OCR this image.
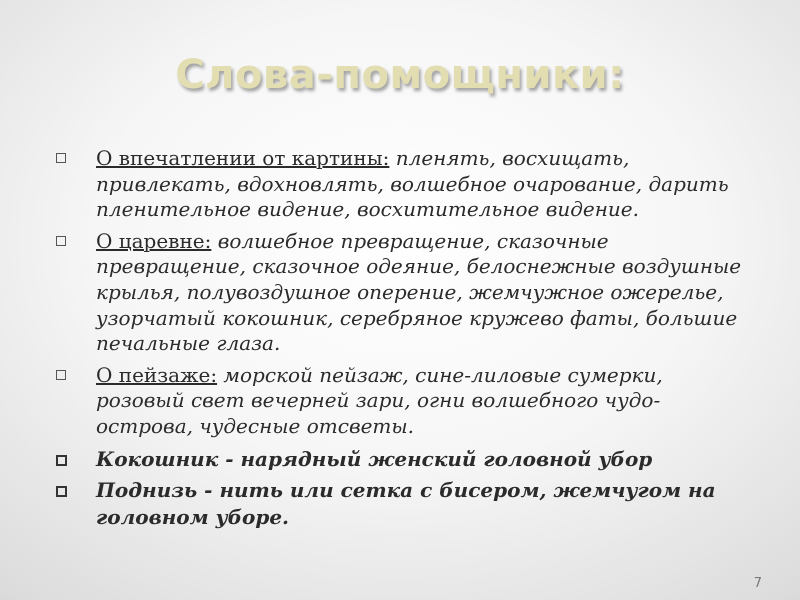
Слова-помощники:
О впечатлении от картины: пленять, восхищать, привлекать, вдохновлять, волшебное очарование, дарить пленительное видение, восхитительное видение.
О царевне: волшебное превращение, сказочные превращение, сказочное одеяние, белоснежные воздушные крылья, полувоздушное оперение, жемчужное ожерелье, узорчатый кокошник, серебряное кружево фаты, большие печальные глаза.
О пейзаже: морской пейзаж, сине-лиловые сумерки, розовый свет вечерней зари, огни волшебного чудо-острова, чудесные отсветы.
Кокошник - нарядный женский головной убор
Поднизь - нить или сетка с бисером, жемчугом на головном уборе.
7
